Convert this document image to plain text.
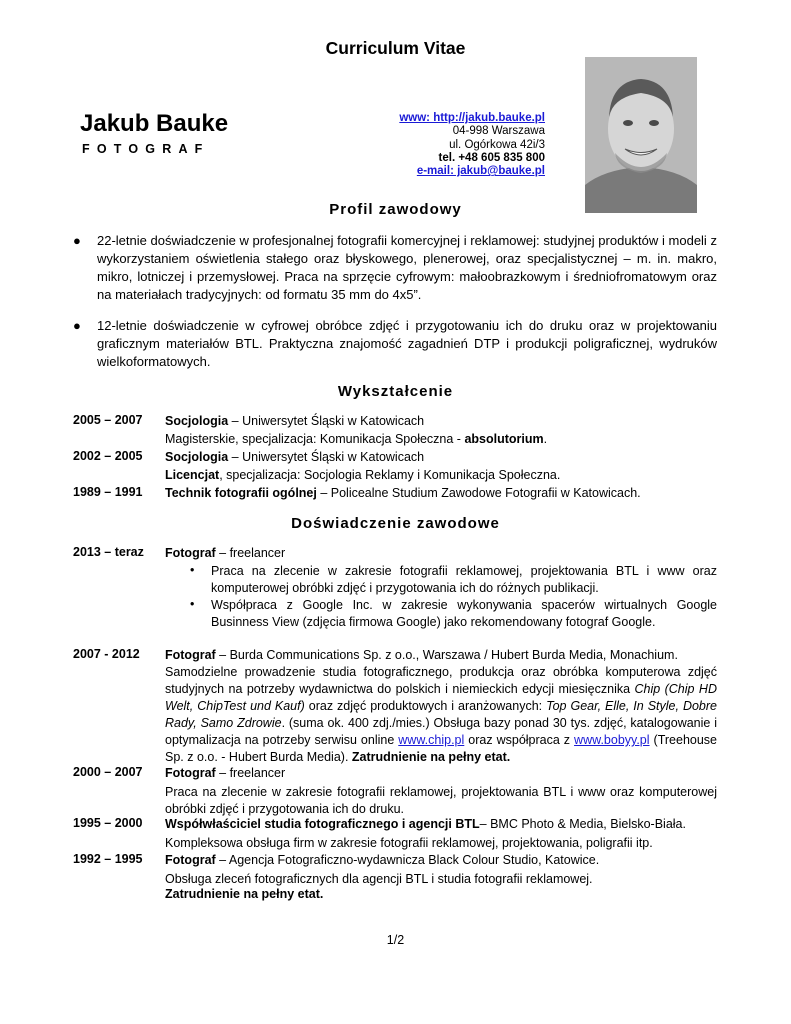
Curriculum Vitae
Jakub Bauke
FOTOGRAF
www: http://jakub.bauke.pl
04-998 Warszawa
ul. Ogórkowa 42i/3
tel. +48 605 835 800
e-mail: jakub@bauke.pl
Profil zawodowy
● 22-letnie doświadczenie w profesjonalnej fotografii komercyjnej i reklamowej: studyjnej produktów i modeli z wykorzystaniem oświetlenia stałego oraz błyskowego, plenerowej, oraz specjalistycznej – m. in. makro, mikro, lotniczej i przemysłowej. Praca na sprzęcie cyfrowym: małoobrazkowym i średniofromatowym oraz na materiałach tradycyjnych: od formatu 35 mm do 4x5”.
● 12-letnie doświadczenie w cyfrowej obróbce zdjęć i przygotowaniu ich do druku oraz w projektowaniu graficznym materiałów BTL. Praktyczna znajomość zagadnień DTP i produkcji poligraficznej, wydruków wielkoformatowych.
Wykształcenie
2005 – 2007 Socjologia – Uniwersytet Śląski w Katowicach
Magisterskie, specjalizacja: Komunikacja Społeczna - absolutorium.
2002 – 2005 Socjologia – Uniwersytet Śląski w Katowicach
Licencjat, specjalizacja: Socjologia Reklamy i Komunikacja Społeczna.
1989 – 1991 Technik fotografii ogólnej – Policealne Studium Zawodowe Fotografii w Katowicach.
Doświadczenie zawodowe
2013 – teraz Fotograf – freelancer
• Praca na zlecenie w zakresie fotografii reklamowej, projektowania BTL i www oraz komputerowej obróbki zdjęć i przygotowania ich do różnych publikacji.
• Współpraca z Google Inc. w zakresie wykonywania spacerów wirtualnych Google Businness View (zdjęcia firmowa Google) jako rekomendowany fotograf Google.
2007 - 2012 Fotograf – Burda Communications Sp. z o.o., Warszawa / Hubert Burda Media, Monachium.
Samodzielne prowadzenie studia fotograficznego, produkcja oraz obróbka komputerowa zdjęć studyjnych na potrzeby wydawnictwa do polskich i niemieckich edycji miesięcznika Chip (Chip HD Welt, ChipTest und Kauf) oraz zdjęć produktowych i aranżowanych: Top Gear, Elle, In Style, Dobre Rady, Samo Zdrowie. (suma ok. 400 zdj./mies.) Obsługa bazy ponad 30 tys. zdjęć, katalogowanie i optymalizacja na potrzeby serwisu online www.chip.pl oraz współpraca z www.bobyy.pl (Treehouse Sp. z o.o. - Hubert Burda Media). Zatrudnienie na pełny etat.
2000 – 2007 Fotograf – freelancer
Praca na zlecenie w zakresie fotografii reklamowej, projektowania BTL i www oraz komputerowej obróbki zdjęć i przygotowania ich do druku.
1995 – 2000 Współwłaściciel studia fotograficznego i agencji BTL– BMC Photo & Media, Bielsko-Biała.
Kompleksowa obsługa firm w zakresie fotografii reklamowej, projektowania, poligrafii itp.
1992 – 1995 Fotograf – Agencja Fotograficzno-wydawnicza Black Colour Studio, Katowice.
Obsługa zleceń fotograficznych dla agencji BTL i studia fotografii reklamowej.
Zatrudnienie na pełny etat.
1/2
